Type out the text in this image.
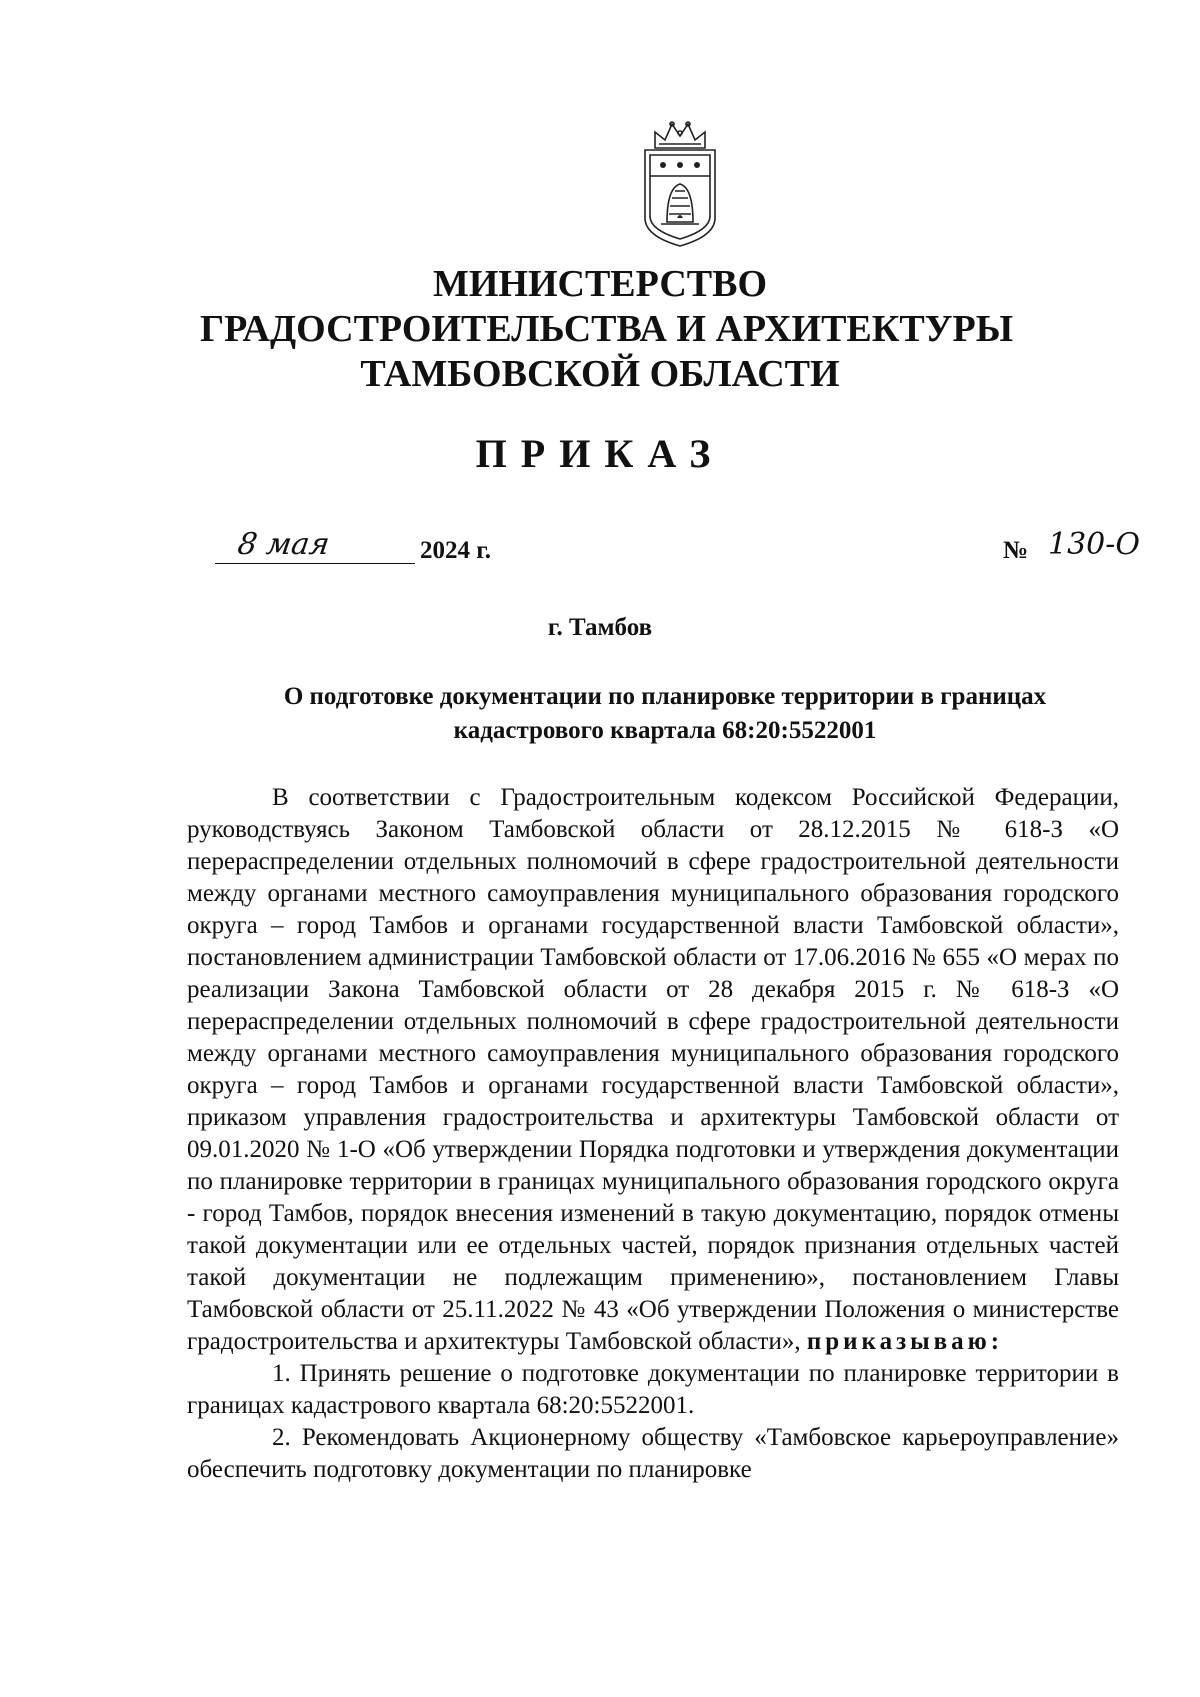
МИНИСТЕРСТВО
ГРАДОСТРОИТЕЛЬСТВА И АРХИТЕКТУРЫ
ТАМБОВСКОЙ ОБЛАСТИ
ПРИКАЗ
8 мая	2024 г.	№ 130-О
г. Тамбов
О подготовке документации по планировке территории в границах
кадастрового квартала 68:20:5522001

В соответствии с Градостроительным кодексом Российской Федерации, руководствуясь Законом Тамбовской области от 28.12.2015 № 618-З «О перераспределении отдельных полномочий в сфере градостроительной деятельности между органами местного самоуправления муниципального образования городского округа – город Тамбов и органами государственной власти Тамбовской области», постановлением администрации Тамбовской области от 17.06.2016 № 655 «О мерах по реализации Закона Тамбовской области от 28 декабря 2015 г. № 618-З «О перераспределении отдельных полномочий в сфере градостроительной деятельности между органами местного самоуправления муниципального образования городского округа – город Тамбов и органами государственной власти Тамбовской области», приказом управления градостроительства и архитектуры Тамбовской области от 09.01.2020 № 1-О «Об утверждении Порядка подготовки и утверждения документации по планировке территории в границах муниципального образования городского округа - город Тамбов, порядок внесения изменений в такую документацию, порядок отмены такой документации или ее отдельных частей, порядок признания отдельных частей такой документации не подлежащим применению», постановлением Главы Тамбовской области от 25.11.2022 № 43 «Об утверждении Положения о министерстве градостроительства и архитектуры Тамбовской области», приказываю:

1. Принять решение о подготовке документации по планировке территории в границах кадастрового квартала 68:20:5522001.

2. Рекомендовать Акционерному обществу «Тамбовское карьероуправление» обеспечить подготовку документации по планировке
